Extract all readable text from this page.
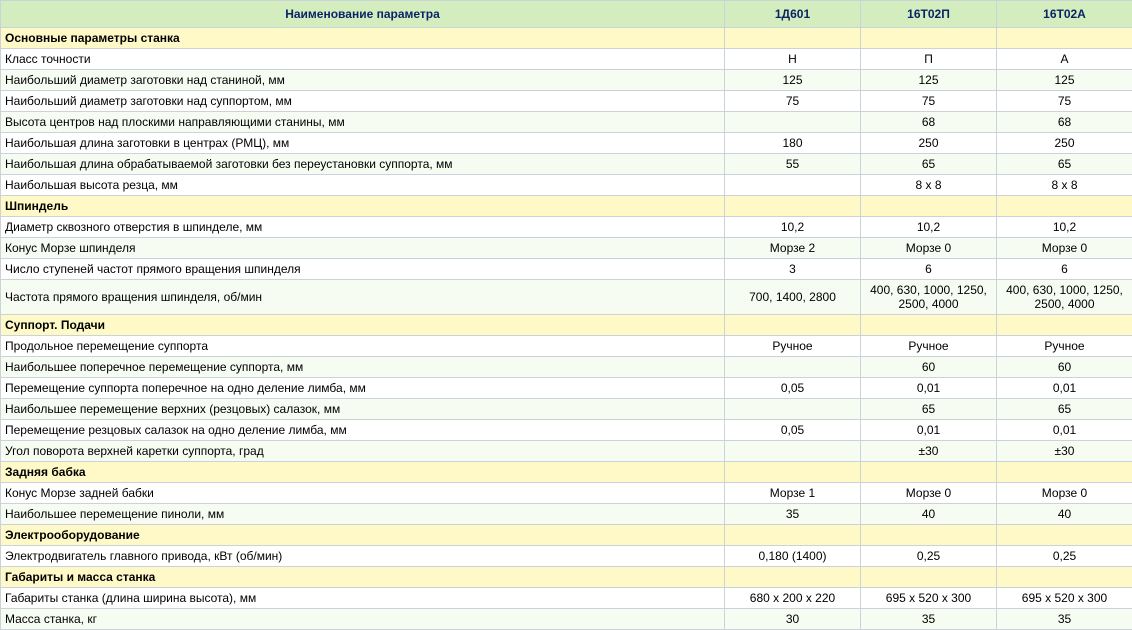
Наименование параметра	1Д601	16Т02П	16Т02А
Основные параметры станка			
Класс точности	Н	П	А
Наибольший диаметр заготовки над станиной, мм	125	125	125
Наибольший диаметр заготовки над суппортом, мм	75	75	75
Высота центров над плоскими направляющими станины, мм		68	68
Наибольшая длина заготовки в центрах (РМЦ), мм	180	250	250
Наибольшая длина обрабатываемой заготовки без переустановки суппорта, мм	55	65	65
Наибольшая высота резца, мм		8 х 8	8 х 8
Шпиндель			
Диаметр сквозного отверстия в шпинделе, мм	10,2	10,2	10,2
Конус Морзе шпинделя	Морзе 2	Морзе 0	Морзе 0
Число ступеней частот прямого вращения шпинделя	3	6	6
Частота прямого вращения шпинделя, об/мин	700, 1400, 2800	400, 630, 1000, 1250, 2500, 4000	400, 630, 1000, 1250, 2500, 4000
Суппорт. Подачи			
Продольное перемещение суппорта	Ручное	Ручное	Ручное
Наибольшее поперечное перемещение суппорта, мм		60	60
Перемещение суппорта поперечное на одно деление лимба, мм	0,05	0,01	0,01
Наибольшее перемещение верхних (резцовых) салазок, мм		65	65
Перемещение резцовых салазок на одно деление лимба, мм	0,05	0,01	0,01
Угол поворота верхней каретки суппорта, град		±30	±30
Задняя бабка			
Конус Морзе задней бабки	Морзе 1	Морзе 0	Морзе 0
Наибольшее перемещение пиноли, мм	35	40	40
Электрооборудование			
Электродвигатель главного привода, кВт (об/мин)	0,180 (1400)	0,25	0,25
Габариты и масса станка			
Габариты станка (длина ширина высота), мм	680 х 200 х 220	695 х 520 х 300	695 х 520 х 300
Масса станка, кг	30	35	35
